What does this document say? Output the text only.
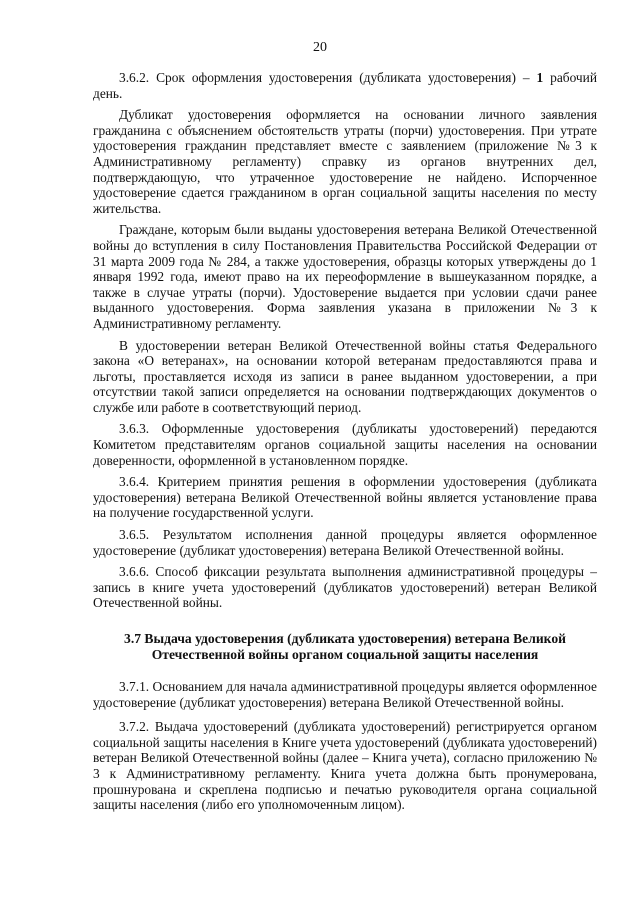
20

3.6.2. Срок оформления удостоверения (дубликата удостоверения) – 1 рабочий день.

Дубликат удостоверения оформляется на основании личного заявления гражданина с объяснением обстоятельств утраты (порчи) удостоверения. При утрате удостоверения гражданин представляет вместе с заявлением (приложение №3 к Административному регламенту) справку из органов внутренних дел, подтверждающую, что утраченное удостоверение не найдено. Испорченное удостоверение сдается гражданином в орган социальной защиты населения по месту жительства.

Граждане, которым были выданы удостоверения ветерана Великой Отечественной войны до вступления в силу Постановления Правительства Российской Федерации от 31 марта 2009 года № 284, а также удостоверения, образцы которых утверждены до 1 января 1992 года, имеют право на их переоформление в вышеуказанном порядке, а также в случае утраты (порчи). Удостоверение выдается при условии сдачи ранее выданного удостоверения. Форма заявления указана в приложении №3 к Административному регламенту.

В удостоверении ветеран Великой Отечественной войны статья Федерального закона «О ветеранах», на основании которой ветеранам предоставляются права и льготы, проставляется исходя из записи в ранее выданном удостоверении, а при отсутствии такой записи определяется на основании подтверждающих документов о службе или работе в соответствующий период.

3.6.3. Оформленные удостоверения (дубликаты удостоверений) передаются Комитетом представителям органов социальной защиты населения на основании доверенности, оформленной в установленном порядке.

3.6.4. Критерием принятия решения в оформлении удостоверения (дубликата удостоверения) ветерана Великой Отечественной войны является установление права на получение государственной услуги.

3.6.5. Результатом исполнения данной процедуры является оформленное удостоверение (дубликат удостоверения) ветерана Великой Отечественной войны.

3.6.6. Способ фиксации результата выполнения административной процедуры – запись в книге учета удостоверений (дубликатов удостоверений) ветеран Великой Отечественной войны.

3.7 Выдача удостоверения (дубликата удостоверения) ветерана Великой Отечественной войны органом социальной защиты населения

3.7.1. Основанием для начала административной процедуры является оформленное удостоверение (дубликат удостоверения) ветерана Великой Отечественной войны.

3.7.2. Выдача удостоверений (дубликата удостоверений) регистрируется органом социальной защиты населения в Книге учета удостоверений (дубликата удостоверений) ветеран Великой Отечественной войны (далее – Книга учета), согласно приложению № 3 к Административному регламенту. Книга учета должна быть пронумерована, прошнурована и скреплена подписью и печатью руководителя органа социальной защиты населения (либо его уполномоченным лицом).
